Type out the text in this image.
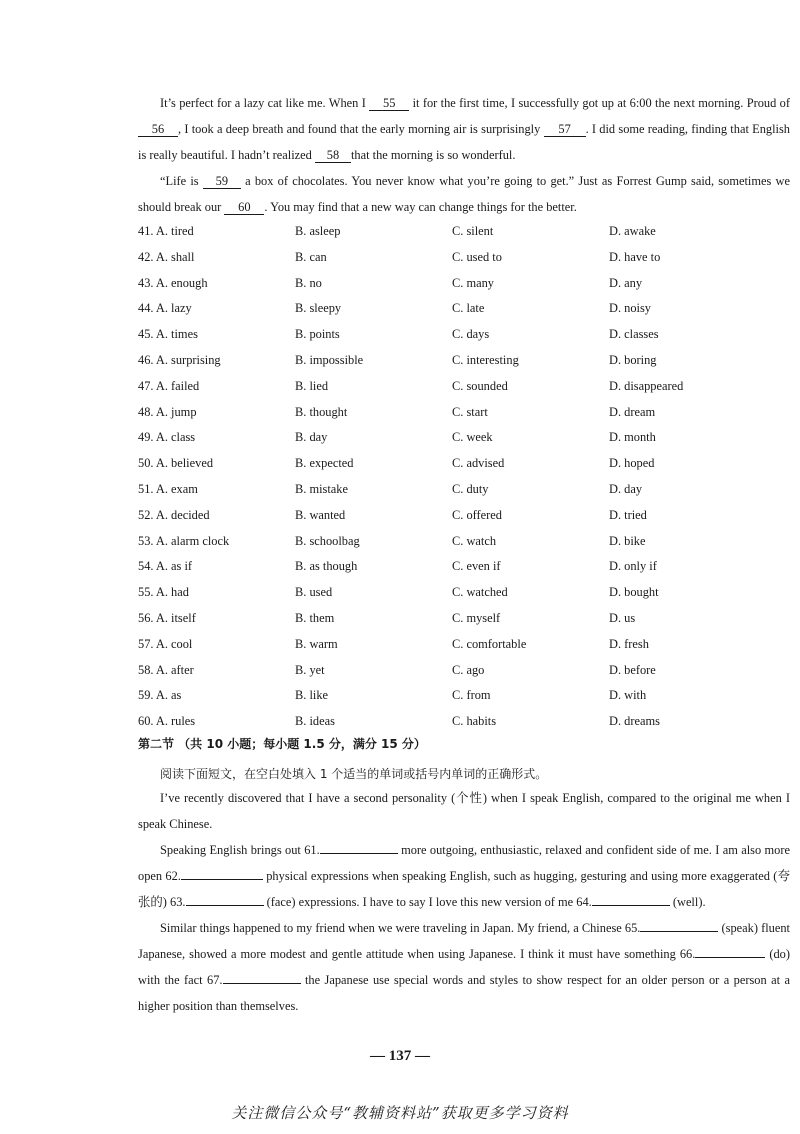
It’s perfect for a lazy cat like me. When I 55 it for the first time, I successfully got up at 6:00 the next morning. Proud of 56 , I took a deep breath and found that the early morning air is surprisingly 57 . I did some reading, finding that English is really beautiful. I hadn’t realized 58 that the morning is so wonderful.

“Life is 59 a box of chocolates. You never know what you’re going to get.” Just as Forrest Gump said, sometimes we should break our 60 . You may find that a new way can change things for the better.

41. A. tired	B. asleep	C. silent	D. awake
42. A. shall	B. can	C. used to	D. have to
43. A. enough	B. no	C. many	D. any
44. A. lazy	B. sleepy	C. late	D. noisy
45. A. times	B. points	C. days	D. classes
46. A. surprising	B. impossible	C. interesting	D. boring
47. A. failed	B. lied	C. sounded	D. disappeared
48. A. jump	B. thought	C. start	D. dream
49. A. class	B. day	C. week	D. month
50. A. believed	B. expected	C. advised	D. hoped
51. A. exam	B. mistake	C. duty	D. day
52. A. decided	B. wanted	C. offered	D. tried
53. A. alarm clock	B. schoolbag	C. watch	D. bike
54. A. as if	B. as though	C. even if	D. only if
55. A. had	B. used	C. watched	D. bought
56. A. itself	B. them	C. myself	D. us
57. A. cool	B. warm	C. comfortable	D. fresh
58. A. after	B. yet	C. ago	D. before
59. A. as	B. like	C. from	D. with
60. A. rules	B. ideas	C. habits	D. dreams
第二节 （共 10 小题；每小题 1.5 分，满分 15 分）
阅读下面短文，在空白处填入 1 个适当的单词或括号内单词的正确形式。

I’ve recently discovered that I have a second personality (个性) when I speak English, compared to the original me when I speak Chinese.

Speaking English brings out 61.	more outgoing, enthusiastic, relaxed and confident side of me. I am also more open 62.	physical expressions when speaking English, such as hugging, gesturing and using more exaggerated (夸张的) 63.	(face) expressions. I have to say I love this new version of me 64.	(well).

Similar things happened to my friend when we were traveling in Japan. My friend, a Chinese 65.	(speak) fluent Japanese, showed a more modest and gentle attitude when using Japanese. I think it must have something 66.	(do) with the fact 67.	the Japanese use special words and styles to show respect for an older person or a person at a higher position than themselves.

— 137 —
关注微信公众号“教辅资料站”获取更多学习资料
